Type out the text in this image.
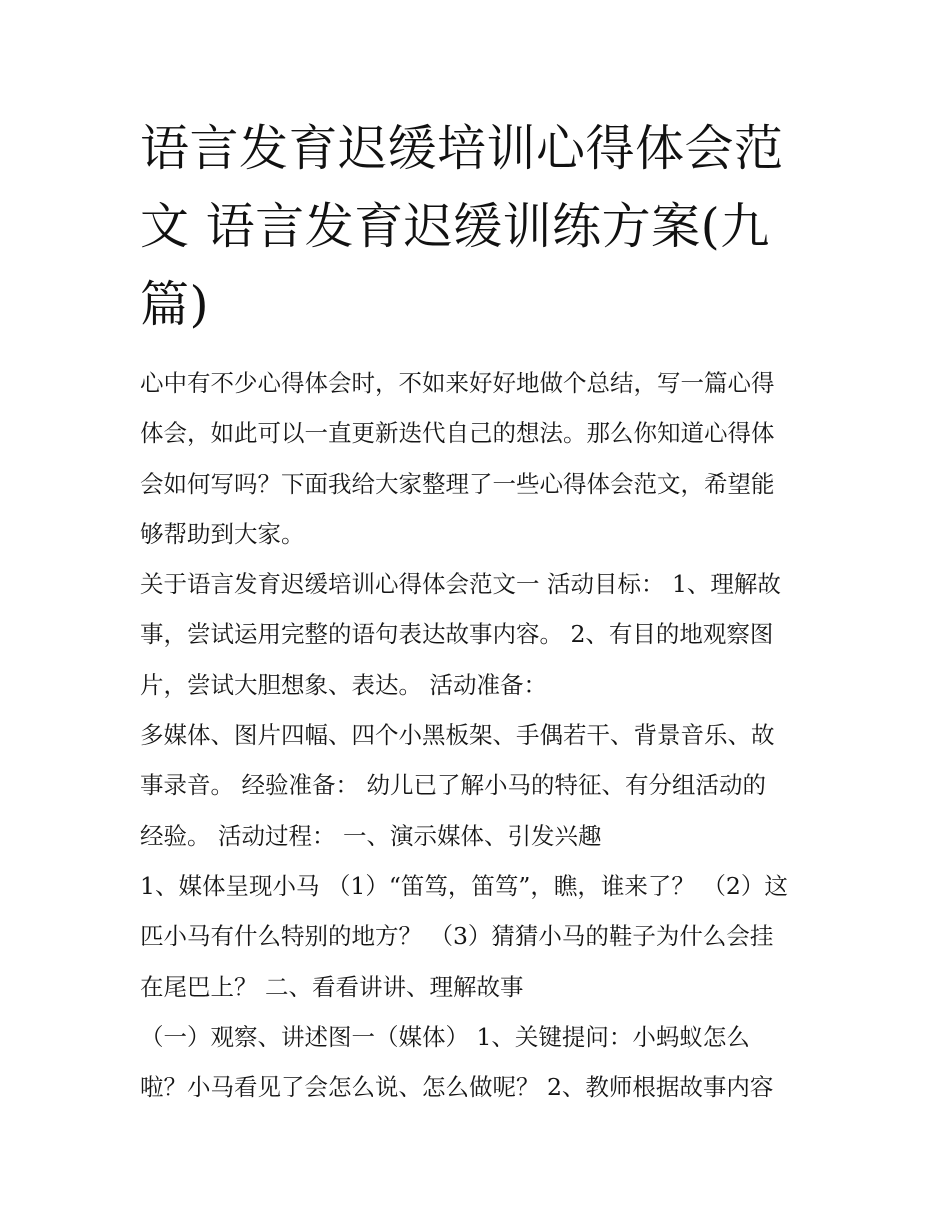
语言发育迟缓培训心得体会范
文 语言发育迟缓训练方案(九
篇)
心中有不少心得体会时，不如来好好地做个总结，写一篇心得
体会，如此可以一直更新迭代自己的想法。那么你知道心得体
会如何写吗？下面我给大家整理了一些心得体会范文，希望能
够帮助到大家。
关于语言发育迟缓培训心得体会范文一 活动目标： 1、理解故
事，尝试运用完整的语句表达故事内容。 2、有目的地观察图
片，尝试大胆想象、表达。 活动准备：
多媒体、图片四幅、四个小黑板架、手偶若干、背景音乐、故
事录音。 经验准备： 幼儿已了解小马的特征、有分组活动的
经验。 活动过程： 一、演示媒体、引发兴趣
1、媒体呈现小马 （1）“笛笃，笛笃”，瞧，谁来了？ （2）这
匹小马有什么特别的地方？ （3）猜猜小马的鞋子为什么会挂
在尾巴上？ 二、看看讲讲、理解故事
（一）观察、讲述图一（媒体） 1、关键提问：小蚂蚁怎么
啦？小马看见了会怎么说、怎么做呢？ 2、教师根据故事内容
